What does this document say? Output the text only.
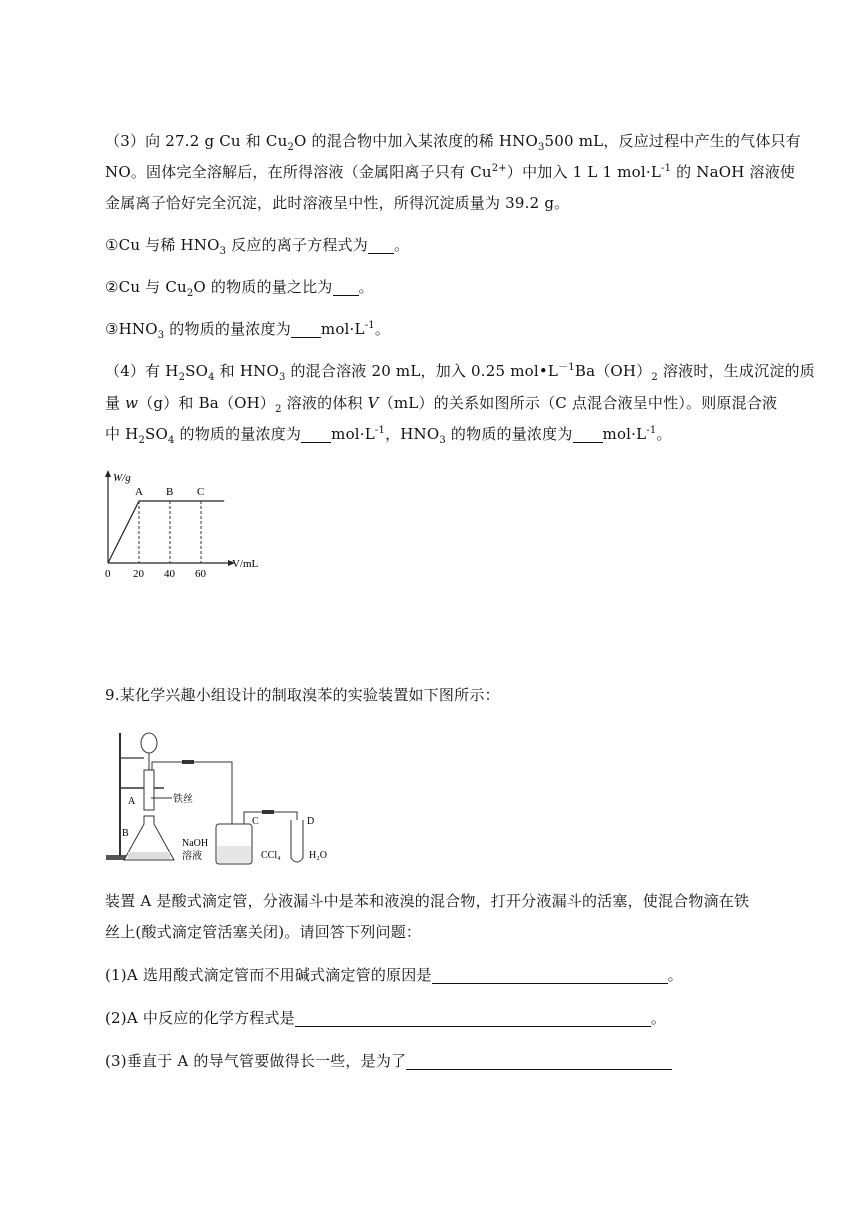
（3）向 27.2 g Cu 和 $Cu_2O$ 的混合物中加入某浓度的稀 $HNO_3500$ mL，反应过程中产生的气体只有
NO。固体完全溶解后，在所得溶液（金属阳离子只有 $Cu^{2+}$）中加入 1 L 1 $mol\cdot L^{-1}$ 的 NaOH 溶液使
金属离子恰好完全沉淀，此时溶液呈中性，所得沉淀质量为 39.2 g。
①Cu 与稀 $HNO_3$ 反应的离子方程式为 。
②Cu 与 $Cu_2O$ 的物质的量之比为 。
$③HNO_3$ 的物质的量浓度为 $mol\cdot L^{-1}$。
（4）有 $H_2SO_4$ 和 $HNO_3$ 的混合溶液 20 mL，加入 0.25 $mol•L^{-1}Ba(OH)_2$ 溶液时，生成沉淀的质
量 w（g）和 $Ba(OH)_2$ 溶液的体积 V（mL）的关系如图所示（C 点混合液呈中性）。则原混合液
中 $H_2SO_4$ 的物质的量浓度为 $mol\cdot L^{-1}$，$HNO_3$ 的物质的量浓度为 $mol\cdot L^{-1}$。
W/g
V/mL
A B C
0 20 40 60
9.某化学兴趣小组设计的制取溴苯的实验装置如下图所示：
铁丝
A
B
NaOH
溶液
C
CCl₄
D
H₂O
装置 A 是酸式滴定管，分液漏斗中是苯和液溴的混合物，打开分液漏斗的活塞，使混合物滴在铁
丝上(酸式滴定管活塞关闭)。请回答下列问题：
(1)A 选用酸式滴定管而不用碱式滴定管的原因是	。
(2)A 中反应的化学方程式是	。
(3)垂直于 A 的导气管要做得长一些，是为了
